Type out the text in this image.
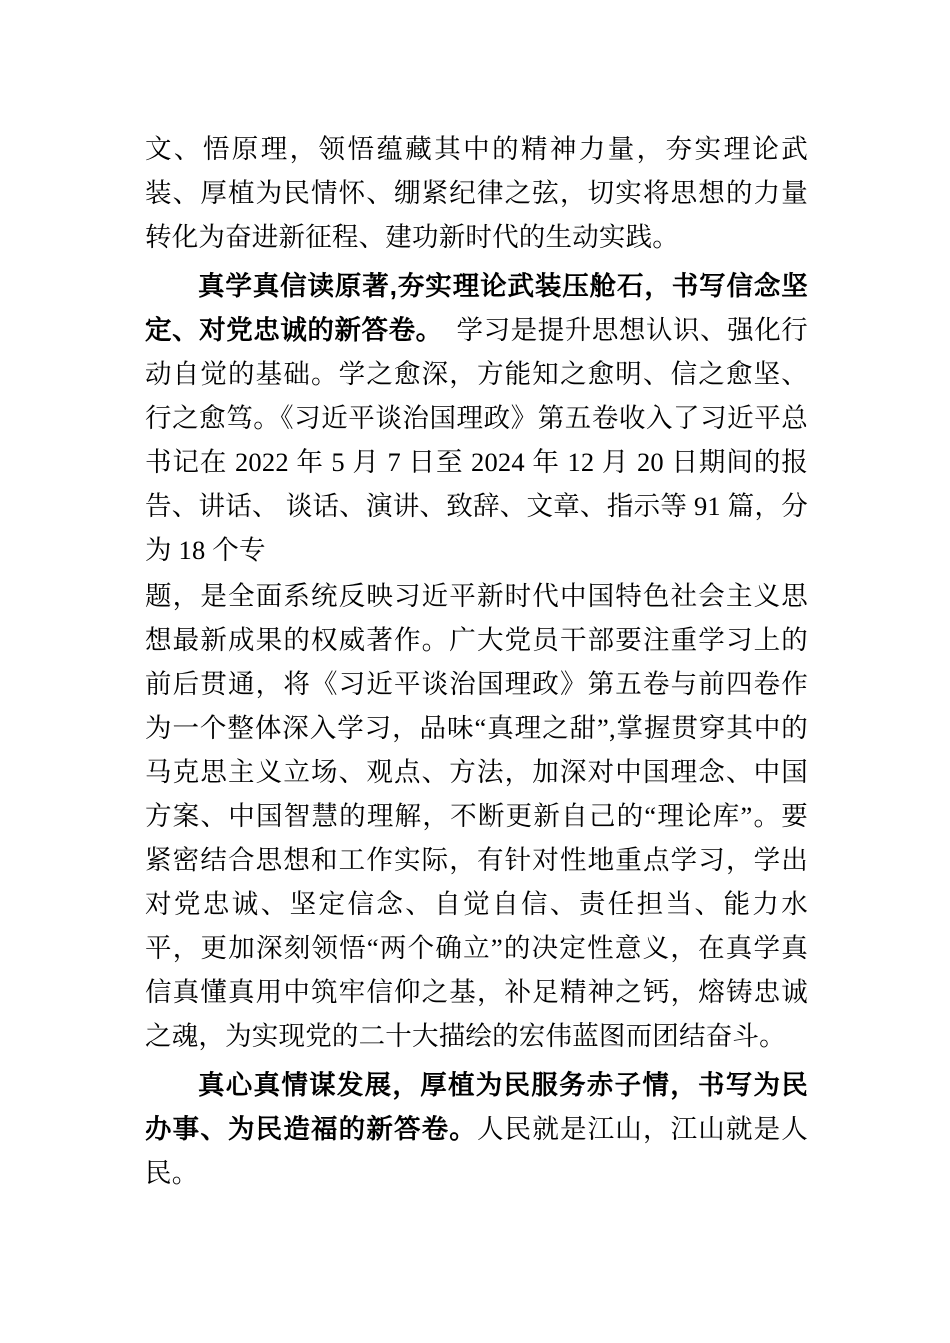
文、悟原理，领悟蕴藏其中的精神力量，夯实理论武装、厚植为民情怀、绷紧纪律之弦，切实将思想的力量转化为奋进新征程、建功新时代的生动实践。

真学真信读原著,夯实理论武装压舱石，书写信念坚定、对党忠诚的新答卷。　学习是提升思想认识、强化行动自觉的基础。学之愈深，方能知之愈明、信之愈坚、行之愈笃。《习近平谈治国理政》第五卷收入了习近平总书记在 2022 年 5 月 7 日至 2024 年 12 月 20 日期间的报告、讲话、 谈话、演讲、致辞、文章、指示等 91 篇，分为 18 个专

题，是全面系统反映习近平新时代中国特色社会主义思想最新成果的权威著作。广大党员干部要注重学习上的前后贯通，将《习近平谈治国理政》第五卷与前四卷作为一个整体深入学习，品味“真理之甜”,掌握贯穿其中的马克思主义立场、观点、方法，加深对中国理念、中国方案、中国智慧的理解，不断更新自己的“理论库”。要紧密结合思想和工作实际，有针对性地重点学习，学出对党忠诚、坚定信念、自觉自信、责任担当、能力水平，更加深刻领悟“两个确立”的决定性意义，在真学真信真懂真用中筑牢信仰之基，补足精神之钙，熔铸忠诚之魂，为实现党的二十大描绘的宏伟蓝图而团结奋斗。

真心真情谋发展，厚植为民服务赤子情，书写为民办事、为民造福的新答卷。人民就是江山，江山就是人民。
